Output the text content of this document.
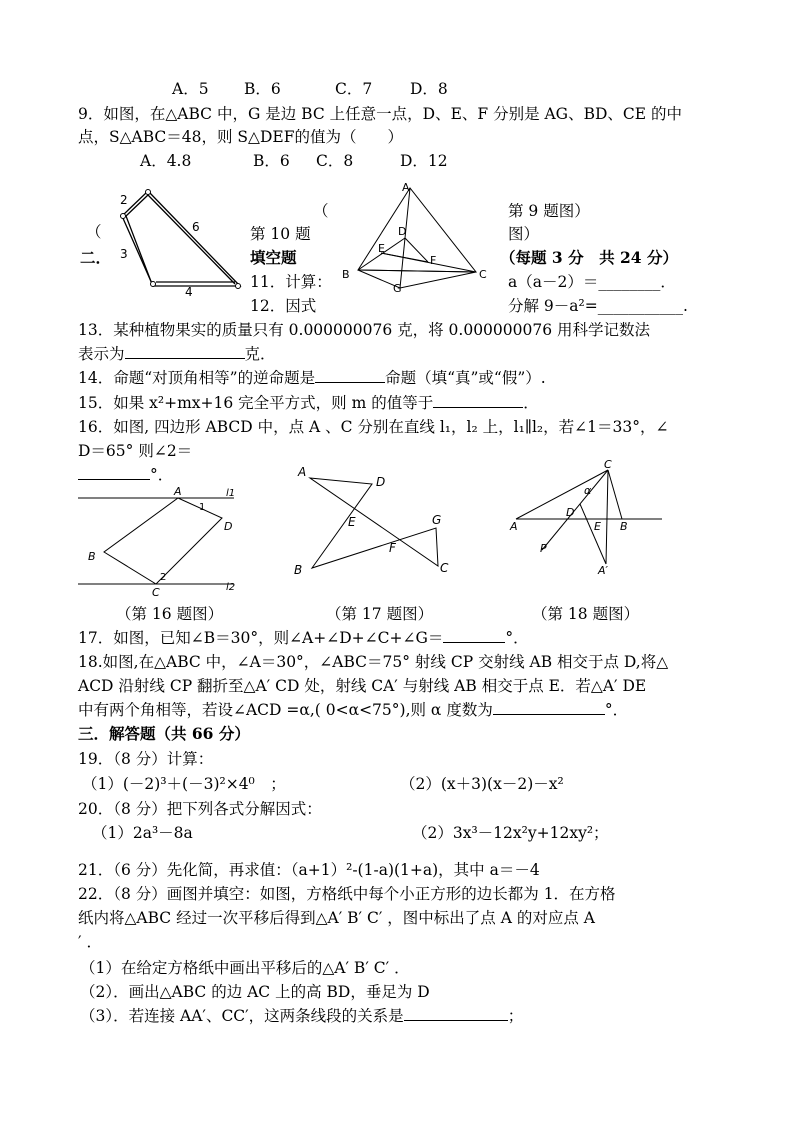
A．5 B．6	C．7 D．8
9．如图，在△ABC 中，G 是边 BC 上任意一点，D、E、F 分别是 AG、BD、CE 的中
点，S△ABC＝48，则 S△DEF的值为（　　）
A．4.8	B．6 C．8	D．12
2
6
3
4
（
（
第 10 题
A
D
E
F
B
G
C
第 9 题图）
图）
二．	填空题	（每题 3 分　共 24 分）
11．计算：	a（a－2）＝________．
12．因式	分解 9－a²=___________.
13．某种植物果实的质量只有 0.000000076 克，将 0.000000076 用科学记数法
表示为	克．
14．命题“对顶角相等”的逆命题是	命题（填“真”或“假”）.
15．如果 x²+mx+16 完全平方式，则 m 的值等于	．
16．如图, 四边形 ABCD 中，点 A 、C 分别在直线 l₁，l₂ 上，l₁∥l₂，若∠1＝33°，∠
D＝65° 则∠2＝
°．
A
1
l1
D
B
2
C	l2
A
D
E	G
F
B	C
C
α
D
E B
A
P
A′
（第 16 题图）	（第 17 题图）	（第 18 题图）
17．如图，已知∠B＝30°，则∠A+∠D+∠C+∠G＝	°．
18.如图,在△ABC 中，∠A＝30°，∠ABC＝75° 射线 CP 交射线 AB 相交于点 D,将△
ACD 沿射线 CP 翻折至△A′ CD 处，射线 CA′ 与射线 AB 相交于点 E．若△A′ DE
中有两个角相等，若设∠ACD =α,( 0<α<75°),则 α 度数为	°．
三．解答题（共 66 分）
19．（8 分）计算：
（1）(－2)³＋(－3)²×4⁰　；	（2）(x＋3)(x－2)－x²
20．（8 分）把下列各式分解因式：
（1）2a³－8a	（2）3x³－12x²y+12xy²；
21．（6 分）先化简，再求值：（a+1）²-(1-a)(1+a)，其中 a＝－4
22．（8 分）画图并填空：如图，方格纸中每个小正方形的边长都为 1．在方格
纸内将△ABC 经过一次平移后得到△A′ B′ C′ ，图中标出了点 A 的对应点 A
′ ．
（1）在给定方格纸中画出平移后的△A′ B′ C′ ．
（2）．画出△ABC 的边 AC 上的高 BD，垂足为 D
（3）．若连接 AA′、CC′，这两条线段的关系是	；
